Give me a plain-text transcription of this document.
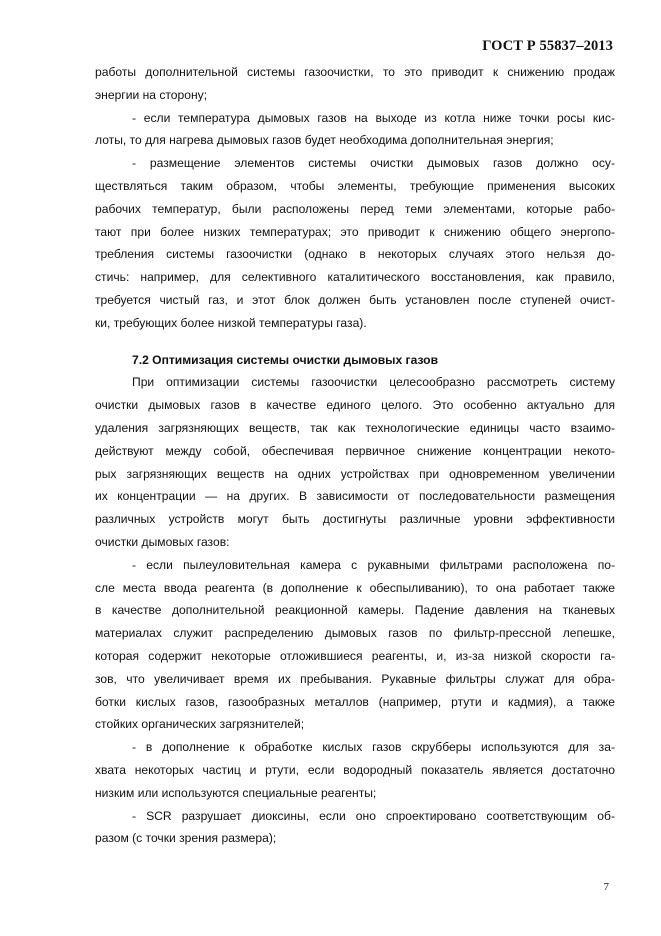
ГОСТ Р 55837–2013
работы дополнительной системы газоочистки, то это приводит к снижению продаж
энергии на сторону;
- если температура дымовых газов на выходе из котла ниже точки росы кис-
лоты, то для нагрева дымовых газов будет необходима дополнительная энергия;
- размещение элементов системы очистки дымовых газов должно осу-
ществляться таким образом, чтобы элементы, требующие применения высоких
рабочих температур, были расположены перед теми элементами, которые рабо-
тают при более низких температурах; это приводит к снижению общего энергопо-
требления системы газоочистки (однако в некоторых случаях этого нельзя до-
стичь: например, для селективного каталитического восстановления, как правило,
требуется чистый газ, и этот блок должен быть установлен после ступеней очист-
ки, требующих более низкой температуры газа).
7.2 Оптимизация системы очистки дымовых газов
При оптимизации системы газоочистки целесообразно рассмотреть систему
очистки дымовых газов в качестве единого целого. Это особенно актуально для
удаления загрязняющих веществ, так как технологические единицы часто взаимо-
действуют между собой, обеспечивая первичное снижение концентрации некото-
рых загрязняющих веществ на одних устройствах при одновременном увеличении
их концентрации — на других. В зависимости от последовательности размещения
различных устройств могут быть достигнуты различные уровни эффективности
очистки дымовых газов:
- если пылеуловительная камера с рукавными фильтрами расположена по-
сле места ввода реагента (в дополнение к обеспыливанию), то она работает также
в качестве дополнительной реакционной камеры. Падение давления на тканевых
материалах служит распределению дымовых газов по фильтр-прессной лепешке,
которая содержит некоторые отложившиеся реагенты, и, из-за низкой скорости га-
зов, что увеличивает время их пребывания. Рукавные фильтры служат для обра-
ботки кислых газов, газообразных металлов (например, ртути и кадмия), а также
стойких органических загрязнителей;
- в дополнение к обработке кислых газов скрубберы используются для за-
хвата некоторых частиц и ртути, если водородный показатель является достаточно
низким или используются специальные реагенты;
- SCR разрушает диоксины, если оно спроектировано соответствующим об-
разом (с точки зрения размера);
7
